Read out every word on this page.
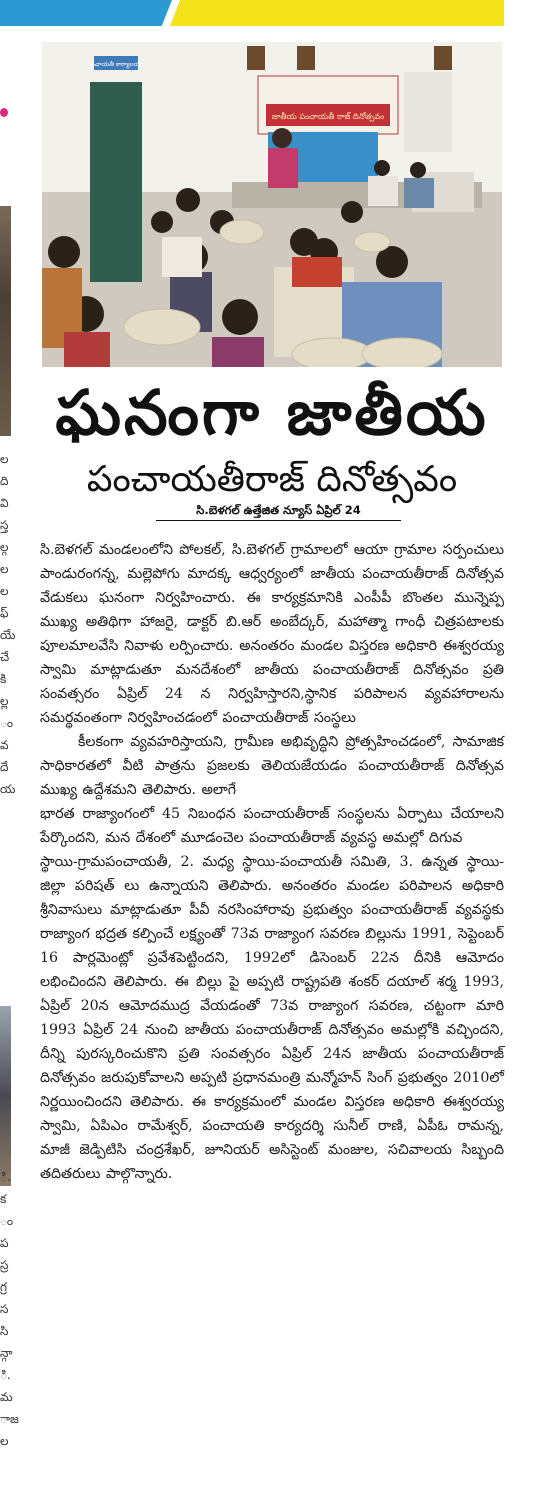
ల
ది
వి
స్త
ల్గ
ల
ల
ఫ్
యే
చే
కి
ల్ల
ం
వ
దే
య
ి.
క
ం
ప
స్ర
గ్ర
స
సి
న్గా
ి.
మ
ాజ
ల
పంచాయతీ కార్యాలయం
జాతీయ పంచాయతీ రాజ్ దినోత్సవం
ఘనంగా జాతీయ
పంచాయతీరాజ్ దినోత్సవం
సి.బెళగల్ ఉత్తేజిత న్యూస్ ఏప్రిల్ 24

సి.బెళగల్ మండలంలోని పోలకల్, సి.బెళగల్ గ్రామాలలో ఆయా గ్రామాల సర్పంచులు పాండురంగన్న, మల్లెపోగు మాదక్క ఆధ్వర్యంలో జాతీయ పంచాయతీరాజ్ దినోత్సవ వేడుకలు ఘనంగా నిర్వహించారు. ఈ కార్యక్రమానికి ఎంపీపీ బొంతల మున్నెప్ప ముఖ్య అతిథిగా హాజరై, డాక్టర్ బి.ఆర్ అంబేద్కర్, మహాత్మా గాంధీ చిత్రపటాలకు పూలమాలవేసి నివాళు లర్పించారు. అనంతరం మండల విస్తరణ అధికారి ఈశ్వరయ్య స్వామి మాట్లాడుతూ మనదేశంలో జాతీయ పంచాయతీరాజ్ దినోత్సవం ప్రతి సంవత్సరం ఏప్రిల్ 24 న నిర్వహిస్తారని,స్థానిక పరిపాలన వ్యవహారాలను సమర్థవంతంగా నిర్వహించడంలో పంచాయతీరాజ్ సంస్థలు

కీలకంగా వ్యవహరిస్తాయని, గ్రామీణ అభివృద్ధిని ప్రోత్సహించడంలో, సామాజిక సాధికారతలో వీటి పాత్రను ప్రజలకు తెలియజేయడం పంచాయతీరాజ్ దినోత్సవ ముఖ్య ఉద్దేశమని తెలిపారు. అలాగే

భారత రాజ్యాంగంలో 45 నిబంధన పంచాయతీరాజ్ సంస్థలను ఏర్పాటు చేయాలని పేర్కొందని, మన దేశంలో మూడంచెల పంచాయతీరాజ్ వ్యవస్థ అమల్లో దిగువ

స్థాయి-గ్రామపంచాయతీ, 2. మధ్య స్థాయి-పంచాయతీ సమితి, 3. ఉన్నత స్థాయి-జిల్లా పరిషత్ లు ఉన్నాయని తెలిపారు. అనంతరం మండల పరిపాలన అధికారి శ్రీనివాసులు మాట్లాడుతూ పీవీ నరసింహారావు ప్రభుత్వం పంచాయతీరాజ్ వ్యవస్థకు రాజ్యాంగ భద్రత కల్పించే లక్ష్యంతో 73వ రాజ్యాంగ సవరణ బిల్లును 1991, సెప్టెంబర్ 16 పార్లమెంట్లో ప్రవేశపెట్టిందని, 1992లో డిసెంబర్ 22న దీనికి ఆమోదం లభించిందని తెలిపారు. ఈ బిల్లు పై అప్పటి రాష్ట్రపతి శంకర్ దయాల్ శర్మ 1993, ఏప్రిల్ 20న ఆమోదముద్ర వేయడంతో 73వ రాజ్యాంగ సవరణ, చట్టంగా మారి 1993 ఏప్రిల్ 24 నుంచి జాతీయ పంచాయతీరాజ్ దినోత్సవం అమల్లోకి వచ్చిందని, దీన్ని పురస్కరించుకొని ప్రతి సంవత్సరం ఏప్రిల్ 24న జాతీయ పంచాయతీరాజ్ దినోత్సవం జరుపుకోవాలని అప్పటి ప్రధానమంత్రి మన్మోహన్ సింగ్ ప్రభుత్వం 2010లో నిర్ణయించిందని తెలిపారు. ఈ కార్యక్రమంలో మండల విస్తరణ అధికారి ఈశ్వరయ్య స్వామి, ఏపిఎం రామేశ్వర్, పంచాయతి కార్యదర్శి సునీల్ రాణి, ఏపీఓ రామన్న, మాజీ జెడ్పిటిసి చంద్రశేఖర్, జూనియర్ అసిస్టెంట్ మంజుల, సచివాలయ సిబ్బంది తదితరులు పాల్గొన్నారు.
